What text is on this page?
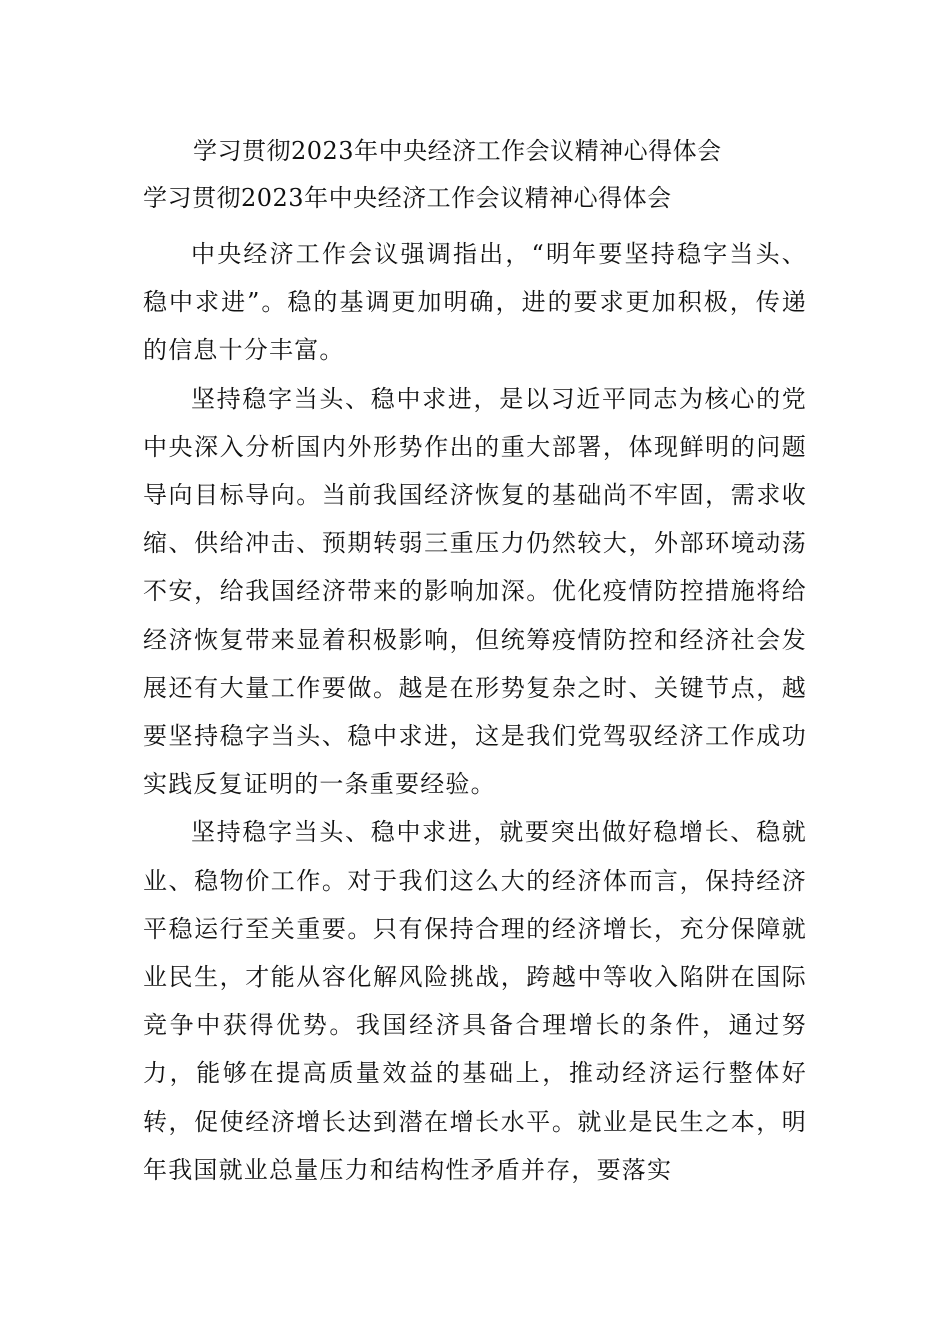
学习贯彻2023年中央经济工作会议精神心得体会
学习贯彻2023年中央经济工作会议精神心得体会

中央经济工作会议强调指出，“明年要坚持稳字当头、稳中求进”。稳的基调更加明确，进的要求更加积极，传递的信息十分丰富。

坚持稳字当头、稳中求进，是以习近平同志为核心的党中央深入分析国内外形势作出的重大部署，体现鲜明的问题导向目标导向。当前我国经济恢复的基础尚不牢固，需求收缩、供给冲击、预期转弱三重压力仍然较大，外部环境动荡不安，给我国经济带来的影响加深。优化疫情防控措施将给经济恢复带来显着积极影响，但统筹疫情防控和经济社会发展还有大量工作要做。越是在形势复杂之时、关键节点，越要坚持稳字当头、稳中求进，这是我们党驾驭经济工作成功实践反复证明的一条重要经验。

坚持稳字当头、稳中求进，就要突出做好稳增长、稳就业、稳物价工作。对于我们这么大的经济体而言，保持经济平稳运行至关重要。只有保持合理的经济增长，充分保障就业民生，才能从容化解风险挑战，跨越中等收入陷阱在国际竞争中获得优势。我国经济具备合理增长的条件，通过努力，能够在提高质量效益的基础上，推动经济运行整体好转，促使经济增长达到潜在增长水平。就业是民生之本，明年我国就业总量压力和结构性矛盾并存，要落实
